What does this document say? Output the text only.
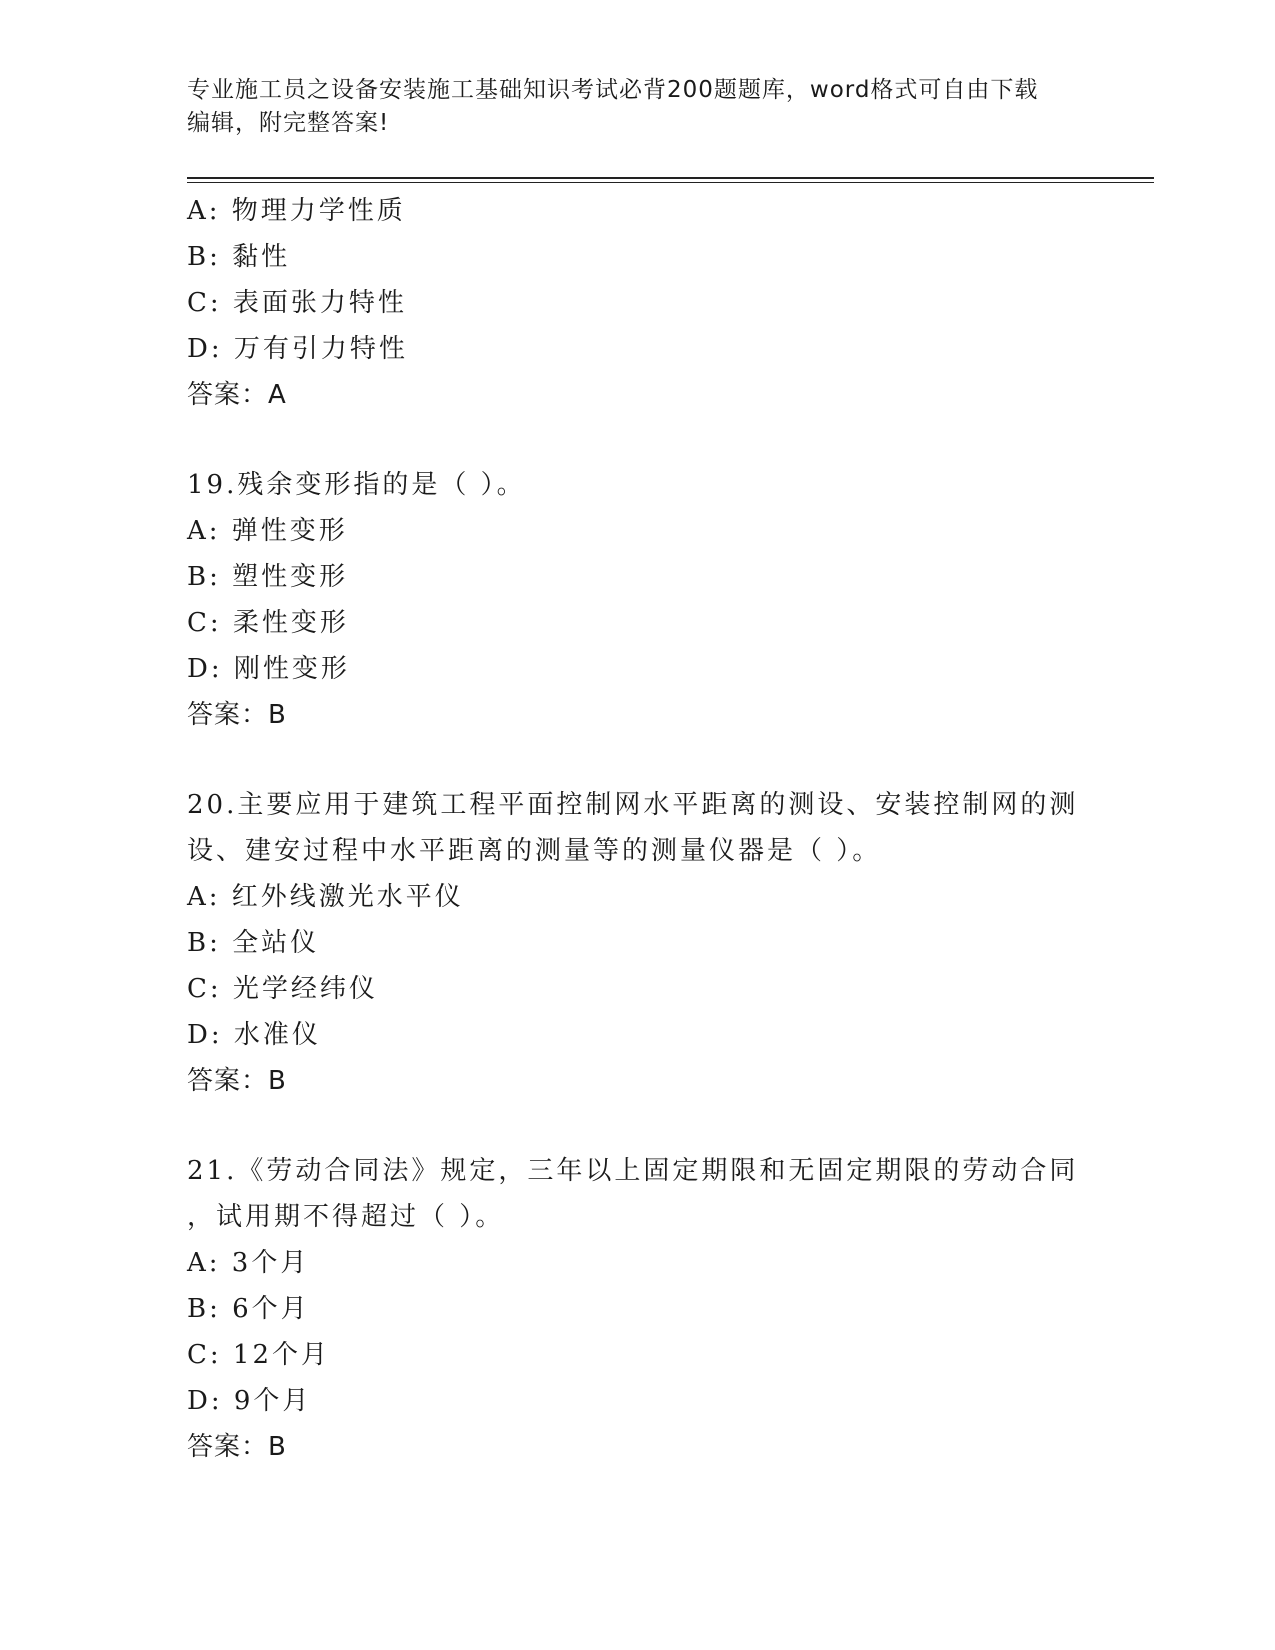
专业施工员之设备安装施工基础知识考试必背200题题库，word格式可自由下载
编辑，附完整答案!
A: 物理力学性质
B: 黏性
C: 表面张力特性
D: 万有引力特性
答案：A
19.残余变形指的是（ ）。
A: 弹性变形
B: 塑性变形
C: 柔性变形
D: 刚性变形
答案：B
20.主要应用于建筑工程平面控制网水平距离的测设、安装控制网的测
设、建安过程中水平距离的测量等的测量仪器是（ ）。
A: 红外线激光水平仪
B: 全站仪
C: 光学经纬仪
D: 水准仪
答案：B
21.《劳动合同法》规定，三年以上固定期限和无固定期限的劳动合同
，试用期不得超过（ ）。
A: 3个月
B: 6个月
C: 12个月
D: 9个月
答案：B
